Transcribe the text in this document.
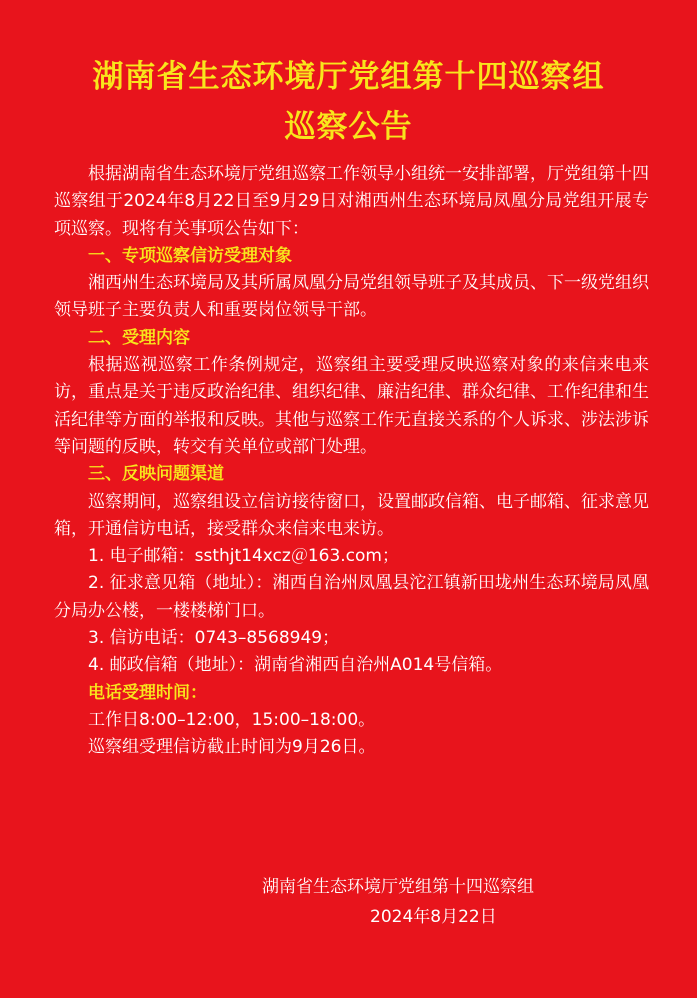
湖南省生态环境厅党组第十四巡察组
巡察公告

根据湖南省生态环境厅党组巡察工作领导小组统一安排部署，厅党组第十四巡察组于2024年8月22日至9月29日对湘西州生态环境局凤凰分局党组开展专项巡察。现将有关事项公告如下：

一、专项巡察信访受理对象

湘西州生态环境局及其所属凤凰分局党组领导班子及其成员、下一级党组织领导班子主要负责人和重要岗位领导干部。

二、受理内容

根据巡视巡察工作条例规定，巡察组主要受理反映巡察对象的来信来电来访，重点是关于违反政治纪律、组织纪律、廉洁纪律、群众纪律、工作纪律和生活纪律等方面的举报和反映。其他与巡察工作无直接关系的个人诉求、涉法涉诉等问题的反映，转交有关单位或部门处理。

三、反映问题渠道

巡察期间，巡察组设立信访接待窗口，设置邮政信箱、电子邮箱、征求意见箱，开通信访电话，接受群众来信来电来访。

1. 电子邮箱：ssthjt14xcz＠163.com；

2. 征求意见箱（地址）：湘西自治州凤凰县沱江镇新田垅州生态环境局凤凰分局办公楼，一楼楼梯门口。

3. 信访电话：0743–8568949；

4. 邮政信箱（地址）：湖南省湘西自治州A014号信箱。

电话受理时间：

工作日8:00–12:00，15:00–18:00。

巡察组受理信访截止时间为9月26日。

湖南省生态环境厅党组第十四巡察组
2024年8月22日
